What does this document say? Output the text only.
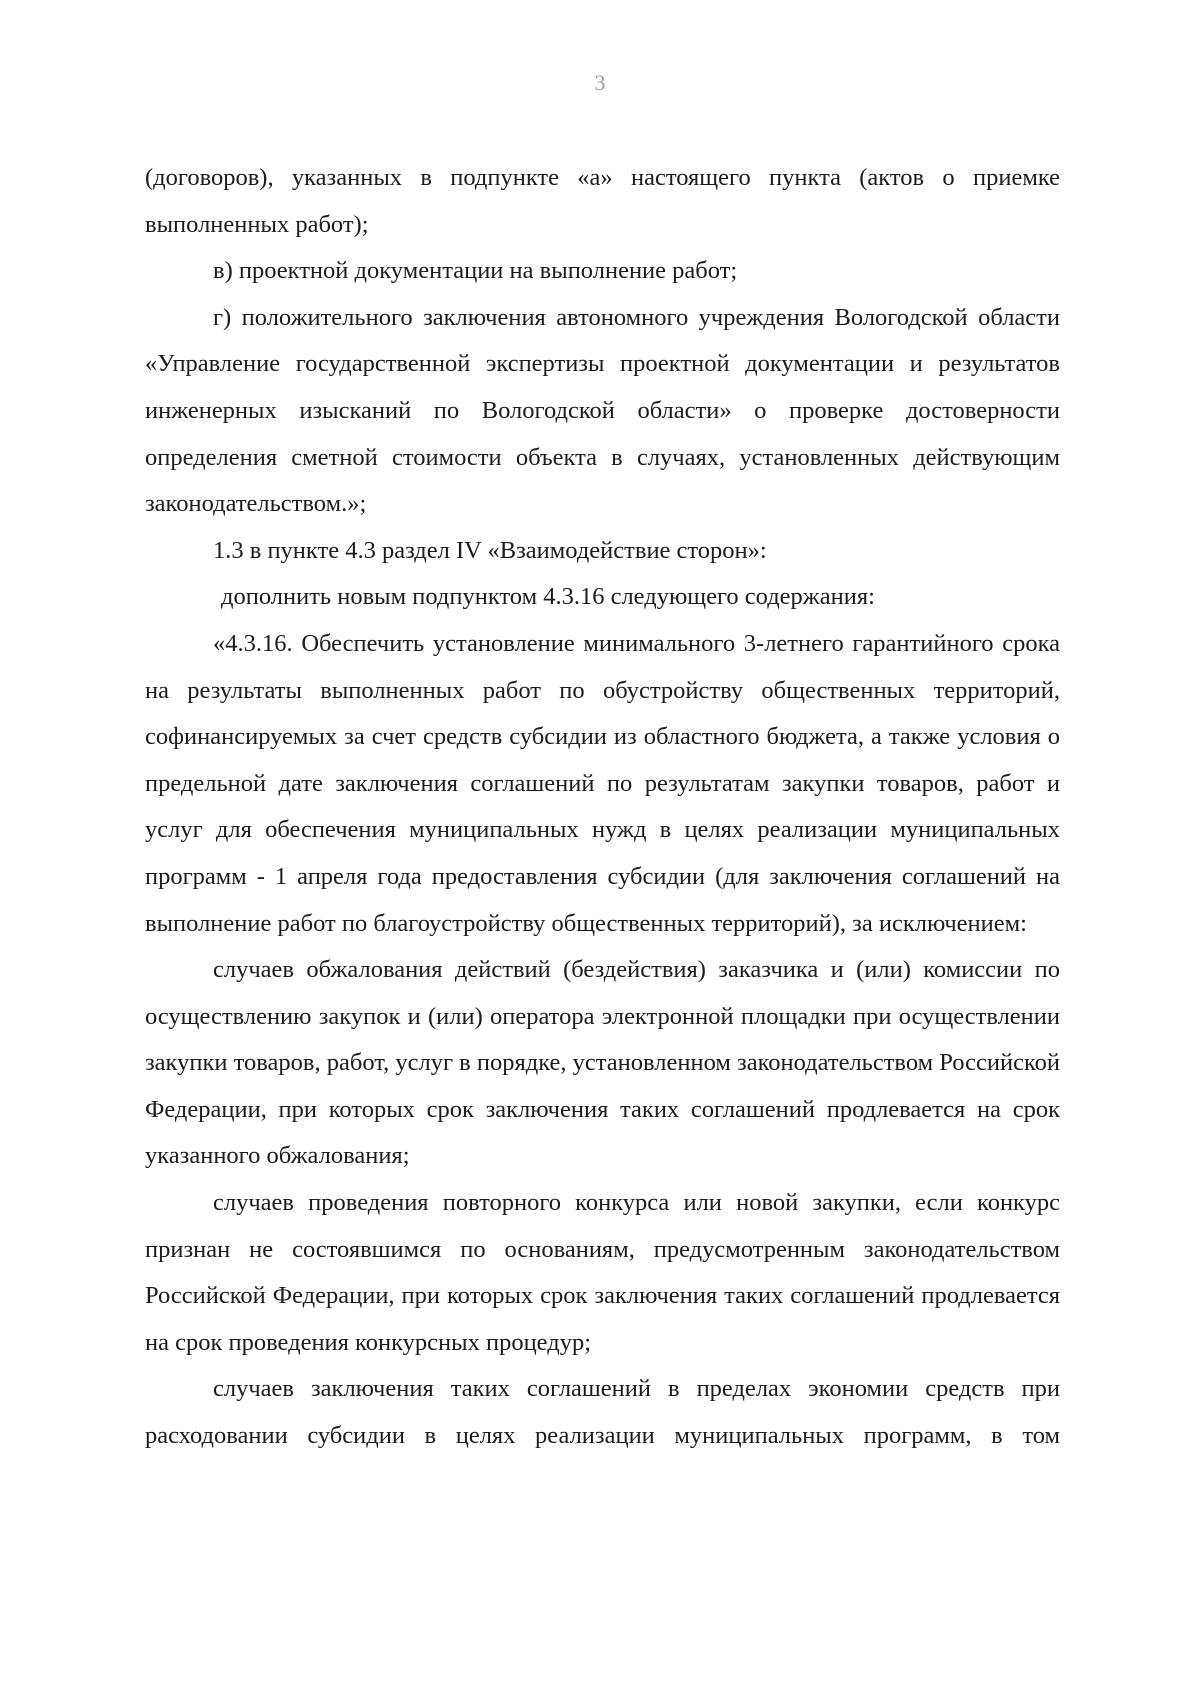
3

(договоров), указанных в подпункте «а» настоящего пункта (актов о приемке выполненных работ);

в) проектной документации на выполнение работ;

г) положительного заключения автономного учреждения Вологодской области «Управление государственной экспертизы проектной документации и результатов инженерных изысканий по Вологодской области» о проверке достоверности определения сметной стоимости объекта в случаях, установленных действующим законодательством.»;

1.3 в пункте 4.3 раздел IV «Взаимодействие сторон»:

дополнить новым подпунктом 4.3.16 следующего содержания:

«4.3.16. Обеспечить установление минимального 3-летнего гарантийного срока на результаты выполненных работ по обустройству общественных территорий, софинансируемых за счет средств субсидии из областного бюджета, а также условия о предельной дате заключения соглашений по результатам закупки товаров, работ и услуг для обеспечения муниципальных нужд в целях реализации муниципальных программ - 1 апреля года предоставления субсидии (для заключения соглашений на выполнение работ по благоустройству общественных территорий), за исключением:

случаев обжалования действий (бездействия) заказчика и (или) комиссии по осуществлению закупок и (или) оператора электронной площадки при осуществлении закупки товаров, работ, услуг в порядке, установленном законодательством Российской Федерации, при которых срок заключения таких соглашений продлевается на срок указанного обжалования;

случаев проведения повторного конкурса или новой закупки, если конкурс признан не состоявшимся по основаниям, предусмотренным законодательством Российской Федерации, при которых срок заключения таких соглашений продлевается на срок проведения конкурсных процедур;

случаев заключения таких соглашений в пределах экономии средств при расходовании субсидии в целях реализации муниципальных программ, в том
